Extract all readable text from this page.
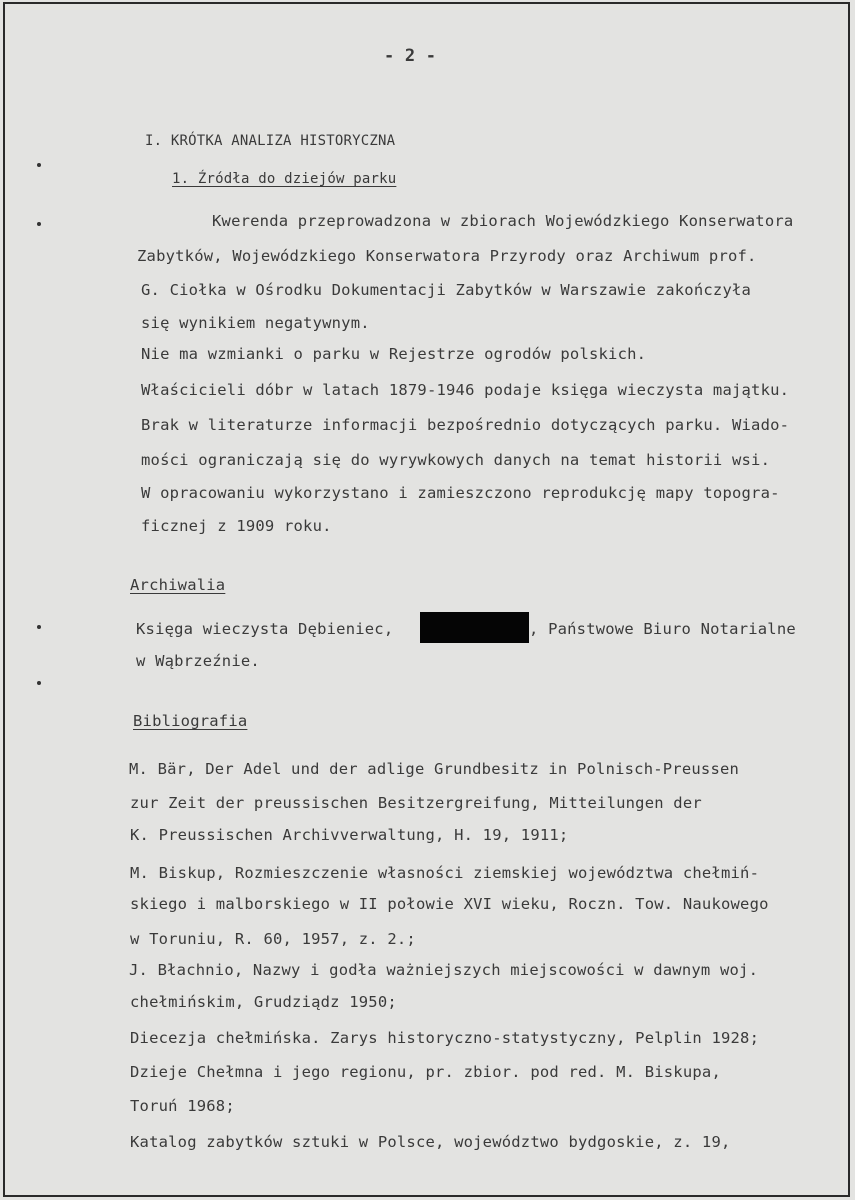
- 2 -
I. KRÓTKA ANALIZA HISTORYCZNA
1. Źródła do dziejów parku
Kwerenda przeprowadzona w zbiorach Wojewódzkiego Konserwatora
Zabytków, Wojewódzkiego Konserwatora Przyrody oraz Archiwum prof.
G. Ciołka w Ośrodku Dokumentacji Zabytków w Warszawie zakończyła
się wynikiem negatywnym.
Nie ma wzmianki o parku w Rejestrze ogrodów polskich.
Właścicieli dóbr w latach 1879-1946 podaje księga wieczysta majątku.
Brak w literaturze informacji bezpośrednio dotyczących parku. Wiado-
mości ograniczają się do wyrywkowych danych na temat historii wsi.
W opracowaniu wykorzystano i zamieszczono reprodukcję mapy topogra-
ficznej z 1909 roku.
Archiwalia
Księga wieczysta Dębieniec,	, Państwowe Biuro Notarialne
w Wąbrzeźnie.
Bibliografia
M. Bär, Der Adel und der adlige Grundbesitz in Polnisch-Preussen
zur Zeit der preussischen Besitzergreifung, Mitteilungen der
K. Preussischen Archivverwaltung, H. 19, 1911;
M. Biskup, Rozmieszczenie własności ziemskiej województwa chełmiń-
skiego i malborskiego w II połowie XVI wieku, Roczn. Tow. Naukowego
w Toruniu, R. 60, 1957, z. 2.;
J. Błachnio, Nazwy i godła ważniejszych miejscowości w dawnym woj.
chełmińskim, Grudziądz 1950;
Diecezja chełmińska. Zarys historyczno-statystyczny, Pelplin 1928;
Dzieje Chełmna i jego regionu, pr. zbior. pod red. M. Biskupa,
Toruń 1968;
Katalog zabytków sztuki w Polsce, województwo bydgoskie, z. 19,
